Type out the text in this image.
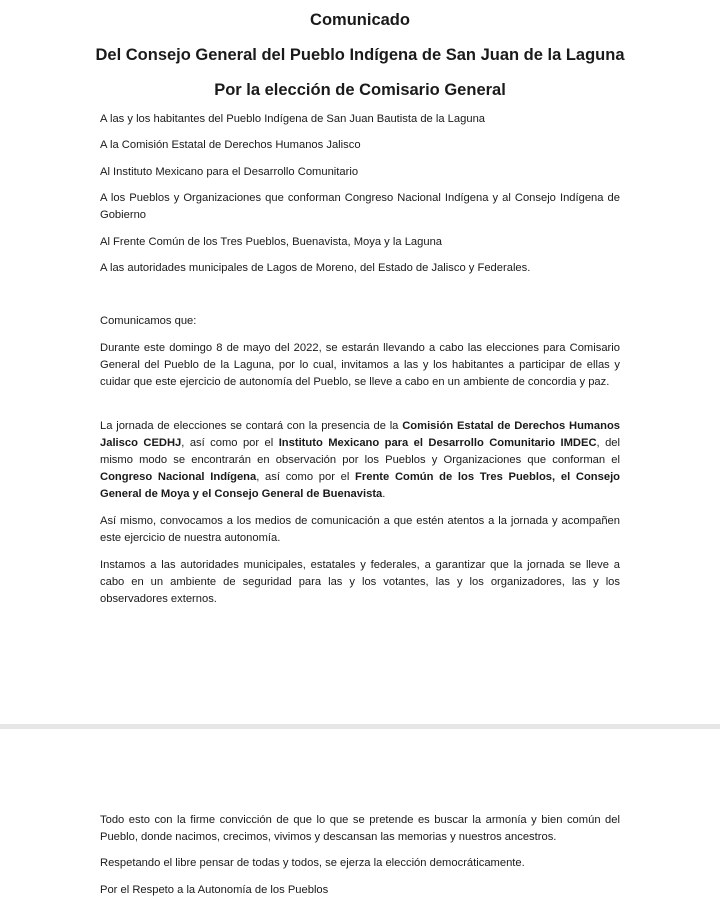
Comunicado
Del Consejo General del Pueblo Indígena de San Juan de la Laguna
Por la elección de Comisario General

A las y los habitantes del Pueblo Indígena de San Juan Bautista de la Laguna

A la Comisión Estatal de Derechos Humanos Jalisco

Al Instituto Mexicano para el Desarrollo Comunitario

A los Pueblos y Organizaciones que conforman Congreso Nacional Indígena y al Consejo Indígena de Gobierno

Al Frente Común de los Tres Pueblos, Buenavista, Moya y la Laguna

A las autoridades municipales de Lagos de Moreno, del Estado de Jalisco y Federales.

Comunicamos que:

Durante este domingo 8 de mayo del 2022, se estarán llevando a cabo las elecciones para Comisario General del Pueblo de la Laguna, por lo cual, invitamos a las y los habitantes a participar de ellas y cuidar que este ejercicio de autonomía del Pueblo, se lleve a cabo en un ambiente de concordia y paz.

La jornada de elecciones se contará con la presencia de la Comisión Estatal de Derechos Humanos Jalisco CEDHJ, así como por el Instituto Mexicano para el Desarrollo Comunitario IMDEC, del mismo modo se encontrarán en observación por los Pueblos y Organizaciones que conforman el Congreso Nacional Indígena, así como por el Frente Común de los Tres Pueblos, el Consejo General de Moya y el Consejo General de Buenavista.

Así mismo, convocamos a los medios de comunicación a que estén atentos a la jornada y acompañen este ejercicio de nuestra autonomía.

Instamos a las autoridades municipales, estatales y federales, a garantizar que la jornada se lleve a cabo en un ambiente de seguridad para las y los votantes, las y los organizadores, las y los observadores externos.

Todo esto con la firme convicción de que lo que se pretende es buscar la armonía y bien común del Pueblo, donde nacimos, crecimos, vivimos y descansan las memorias y nuestros ancestros.

Respetando el libre pensar de todas y todos, se ejerza la elección democráticamente.

Por el Respeto a la Autonomía de los Pueblos
